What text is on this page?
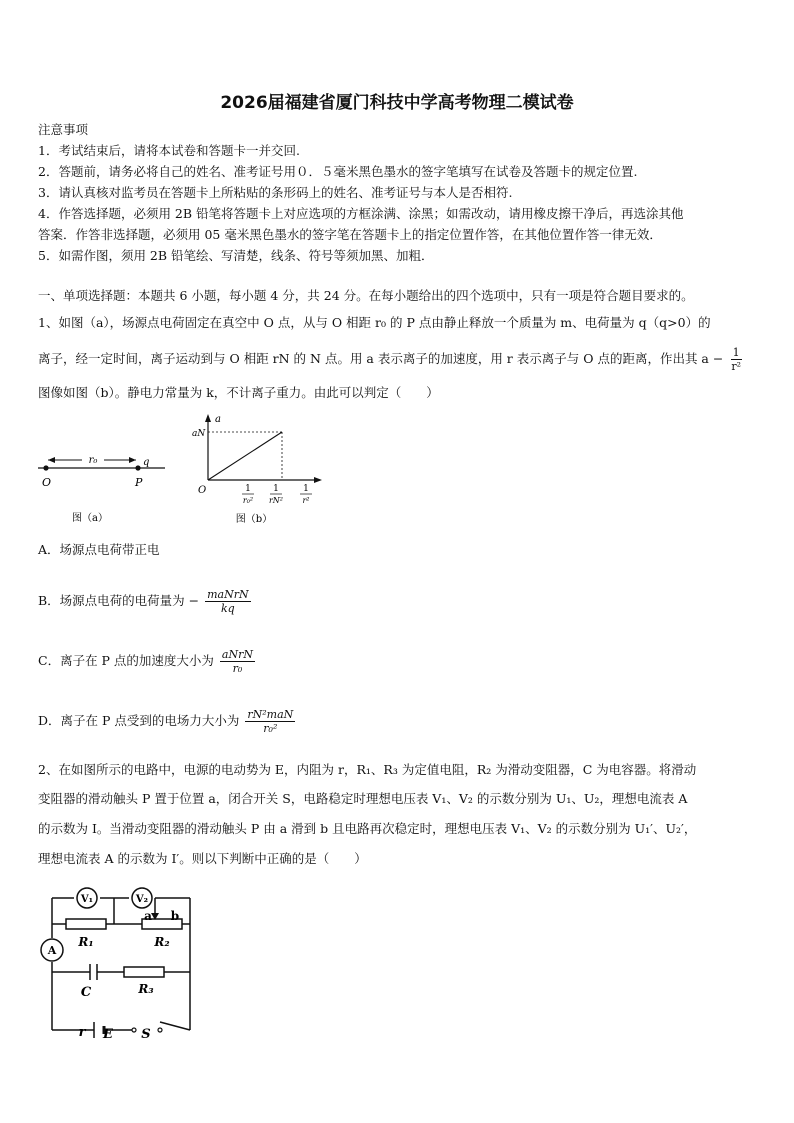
2026届福建省厦门科技中学高考物理二模试卷
注意事项
1．考试结束后，请将本试卷和答题卡一并交回.
2．答题前，请务必将自己的姓名、准考证号用０．５毫米黑色墨水的签字笔填写在试卷及答题卡的规定位置.
3．请认真核对监考员在答题卡上所粘贴的条形码上的姓名、准考证号与本人是否相符.
4．作答选择题，必须用 2B 铅笔将答题卡上对应选项的方框涂满、涂黑；如需改动，请用橡皮擦干净后，再选涂其他
答案．作答非选择题，必须用 05 毫米黑色墨水的签字笔在答题卡上的指定位置作答，在其他位置作答一律无效．
5．如需作图，须用 2B 铅笔绘、写清楚，线条、符号等须加黑、加粗．
一、单项选择题：本题共 6 小题，每小题 4 分，共 24 分。在每小题给出的四个选项中，只有一项是符合题目要求的。
1、如图（a），场源点电荷固定在真空中 O 点，从与 O 相距 r₀ 的 P 点由静止释放一个质量为 m、电荷量为 q（q>0）的
离子，经一定时间，离子运动到与 O 相距 rN 的 N 点。用 a 表示离子的加速度，用 r 表示离子与 O 点的距离，作出其 $a - \frac{1}{\text{r²}}$
图像如图（b）。静电力常量为 k，不计离子重力。由此可以判定（　　）
r₀	q
O	P
图（a）
a
aN
O	1
r₀²
1
rN²
1
r²
图（b）
A．场源点电荷带正电
B．场源点电荷的电荷量为 − $\frac{\text{maNrN}}{kq}$
C．离子在 P 点的加速度大小为 $\frac{\text{aNrN}}{\text{r₀}}$
D．离子在 P 点受到的电场力大小为 $\frac{\text{rN²maN}}{\text{r₀²}}$
2、在如图所示的电路中，电源的电动势为 E，内阻为 r，R₁、R₃ 为定值电阻，R₂ 为滑动变阻器，C 为电容器。将滑动
变阻器的滑动触头 P 置于位置 a，闭合开关 S，电路稳定时理想电压表 V₁、V₂ 的示数分别为 U₁、U₂，理想电流表 A
的示数为 I。当滑动变阻器的滑动触头 P 由 a 滑到 b 且电路再次稳定时，理想电压表 V₁、V₂ 的示数分别为 U₁′、U₂′，
理想电流表 A 的示数为 I′。则以下判断中正确的是（　　）
V₁	V₂
A
R₁	R₂
R₃
C
a b
r E S
